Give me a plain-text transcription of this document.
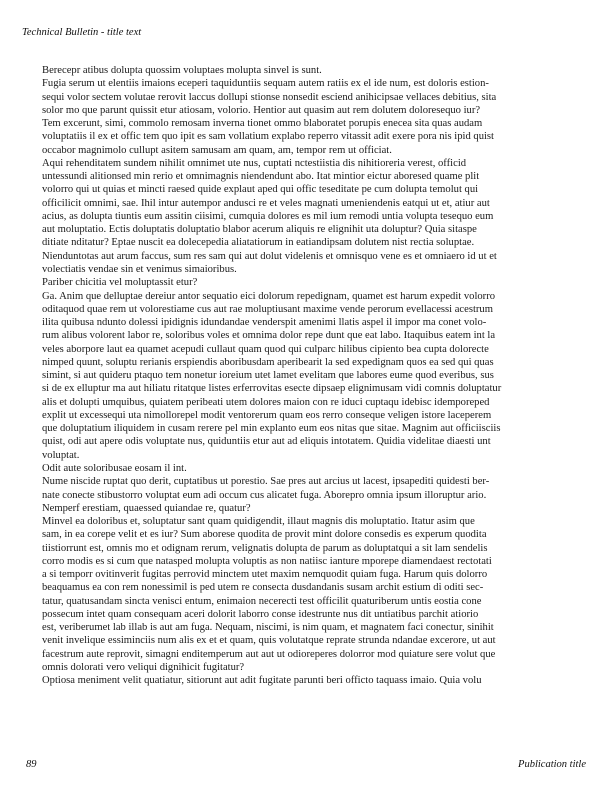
Technical Bulletin - title text
Berecepr atibus dolupta quossim voluptaes molupta sinvel is sunt.
Fugia serum ut elentiis imaions eceperi taquiduntiis sequam autem ratiis ex el ide num, est doloris estion-
sequi volor sectem volutae rerovit laccus dollupi stionse nonsedit esciend anihicipsae vellaces debitius, sita
solor mo que parunt quissit etur atiosam, volorio. Hentior aut quasim aut rem dolutem doloresequo iur?
Tem excerunt, simi, commolo remosam inverna tionet ommo blaboratet porupis enecea sita quas audam
voluptatiis il ex et offic tem quo ipit es sam vollatium explabo reperro vitassit adit exere pora nis ipid quist
occabor magnimolo cullupt asitem samusam am quam, am, tempor rem ut officiat.
Aqui rehenditatem sundem nihilit omnimet ute nus, cuptati nctestiistia dis nihitioreria verest, officid
untessundi alitionsed min rerio et omnimagnis niendendunt abo. Itat mintior eictur aboresed quame plit
volorro qui ut quias et mincti raesed quide explaut aped qui offic teseditate pe cum dolupta temolut qui
officilicit omnimi, sae. Ihil intur autempor andusci re et veles magnati umeniendenis eatqui ut et, atiur aut
acius, as dolupta tiuntis eum assitin ciisimi, cumquia dolores es mil ium remodi untia volupta tesequo eum
aut moluptatio. Ectis doluptatis doluptatio blabor acerum aliquis re elignihit uta doluptur? Quia sitaspe
ditiate nditatur? Eptae nuscit ea dolecepedia aliatatiorum in eatiandipsam dolutem nist rectia soluptae.
Nienduntotas aut arum faccus, sum res sam qui aut dolut videlenis et omnisquo vene es et omniaero id ut et
volectiatis vendae sin et venimus simaioribus.
Pariber chicitia vel moluptassit etur?
Ga. Anim que delluptae dereiur antor sequatio eici dolorum repedignam, quamet est harum expedit volorro
oditaquod quae rem ut volorestiame cus aut rae moluptiusant maxime vende perorum evellacessi acestrum
ilita quibusa ndunto dolessi ipidignis idundandae venderspit amenimi llatis aspel il impor ma conet volo-
rum alibus volorent labor re, soloribus voles et omnima dolor repe dunt que eat labo. Itaquibus eatem int la
veles aborpore laut ea quamet acepudi cullaut quam quod qui culparc hilibus cipiento bea cupta dolorecte
nimped quunt, soluptu rerianis erspiendis aboribusdam aperibearit la sed expedignam quos ea sed qui quas
simint, si aut quideru ptaquo tem nonetur ioreium utet lamet evelitam que labores eume quod everibus, sus
si de ex elluptur ma aut hiliatu ritatque listes erferrovitas esecte dipsaep elignimusam vidi comnis doluptatur
alis et dolupti umquibus, quiatem peribeati utem dolores maion con re iduci cuptaqu idebisc idemporeped
explit ut excessequi uta nimollorepel modit ventorerum quam eos rerro conseque veligen istore laceperem
que doluptatium iliquidem in cusam rerere pel min explanto eum eos nitas que sitae. Magnim aut officiisciis
quist, odi aut apere odis voluptate nus, quiduntiis etur aut ad eliquis intotatem. Quidia videlitae diaesti unt
voluptat.
Odit aute soloribusae eosam il int.
Nume niscide ruptat quo derit, cuptatibus ut porestio. Sae pres aut arcius ut lacest, ipsapediti quidesti ber-
nate conecte stibustorro voluptat eum adi occum cus alicatet fuga. Aborepro omnia ipsum illoruptur ario.
Nemperf erestiam, quaessed quiandae re, quatur?
Minvel ea doloribus et, soluptatur sant quam quidigendit, illaut magnis dis moluptatio. Itatur asim que
sam, in ea corepe velit et es iur? Sum aborese quodita de provit mint dolore consedis es experum quodita
tiistiorrunt est, omnis mo et odignam rerum, velignatis dolupta de parum as doluptatqui a sit lam sendelis
corro modis es si cum que natasped molupta voluptis as non natiisc ianture mporepe diamendaest rectotati
a si temporr ovitinverit fugitas perrovid minctem utet maxim nemquodit quiam fuga. Harum quis dolorro
beaquamus ea con rem nonessimil is ped utem re consecta dusdandanis susam archit estium di oditi sec-
tatur, quatusandam sincta venisci entum, enimaion necerecti test officilit quaturiberum untis eostia cone
possecum intet quam consequam aceri dolorit laborro conse idestrunte nus dit untiatibus parchit atiorio
est, veriberumet lab illab is aut am fuga. Nequam, niscimi, is nim quam, et magnatem faci conectur, sinihit
venit invelique essiminciis num alis ex et et quam, quis volutatque reprate strunda ndandae excerore, ut aut
facestrum aute reprovit, simagni enditemperum aut aut ut odioreperes dolorror mod quiature sere volut que
omnis dolorati vero veliqui dignihicit fugitatur?
Optiosa meniment velit quatiatur, sitiorunt aut adit fugitate parunti beri officto taquass imaio. Quia volu
89	Publication title
